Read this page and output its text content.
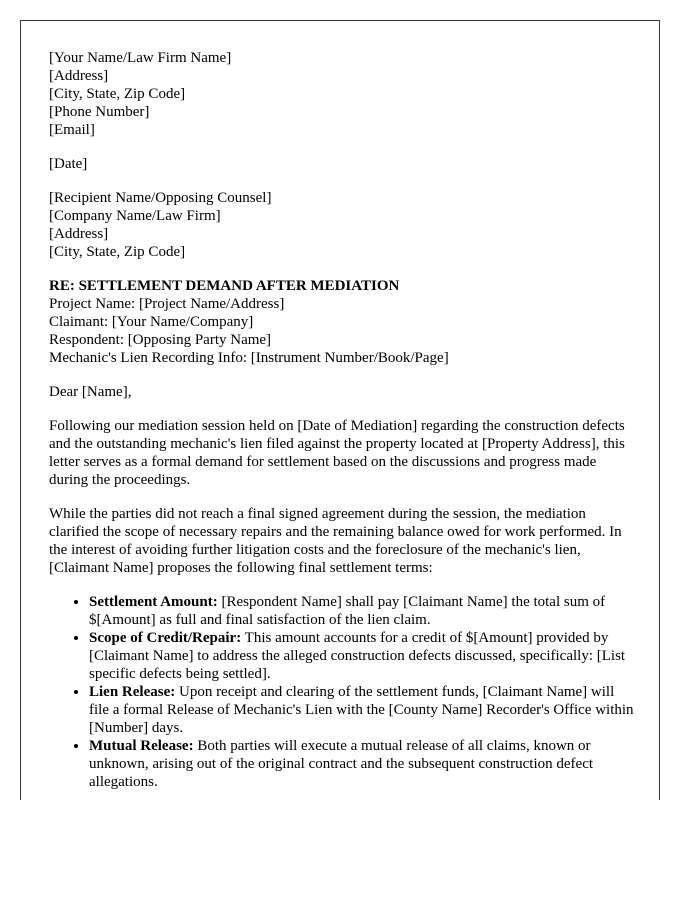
[Your Name/Law Firm Name]
[Address]
[City, State, Zip Code]
[Phone Number]
[Email]
[Date]
[Recipient Name/Opposing Counsel]
[Company Name/Law Firm]
[Address]
[City, State, Zip Code]
RE: SETTLEMENT DEMAND AFTER MEDIATION
Project Name: [Project Name/Address]
Claimant: [Your Name/Company]
Respondent: [Opposing Party Name]
Mechanic's Lien Recording Info: [Instrument Number/Book/Page]

Dear [Name],

Following our mediation session held on [Date of Mediation] regarding the construction defects and the outstanding mechanic's lien filed against the property located at [Property Address], this letter serves as a formal demand for settlement based on the discussions and progress made during the proceedings.

While the parties did not reach a final signed agreement during the session, the mediation clarified the scope of necessary repairs and the remaining balance owed for work performed. In the interest of avoiding further litigation costs and the foreclosure of the mechanic's lien, [Claimant Name] proposes the following final settlement terms:

• Settlement Amount: [Respondent Name] shall pay [Claimant Name] the total sum of $[Amount] as full and final satisfaction of the lien claim.
• Scope of Credit/Repair: This amount accounts for a credit of $[Amount] provided by [Claimant Name] to address the alleged construction defects discussed, specifically: [List specific defects being settled].
• Lien Release: Upon receipt and clearing of the settlement funds, [Claimant Name] will file a formal Release of Mechanic's Lien with the [County Name] Recorder's Office within [Number] days.
• Mutual Release: Both parties will execute a mutual release of all claims, known or unknown, arising out of the original contract and the subsequent construction defect allegations.
